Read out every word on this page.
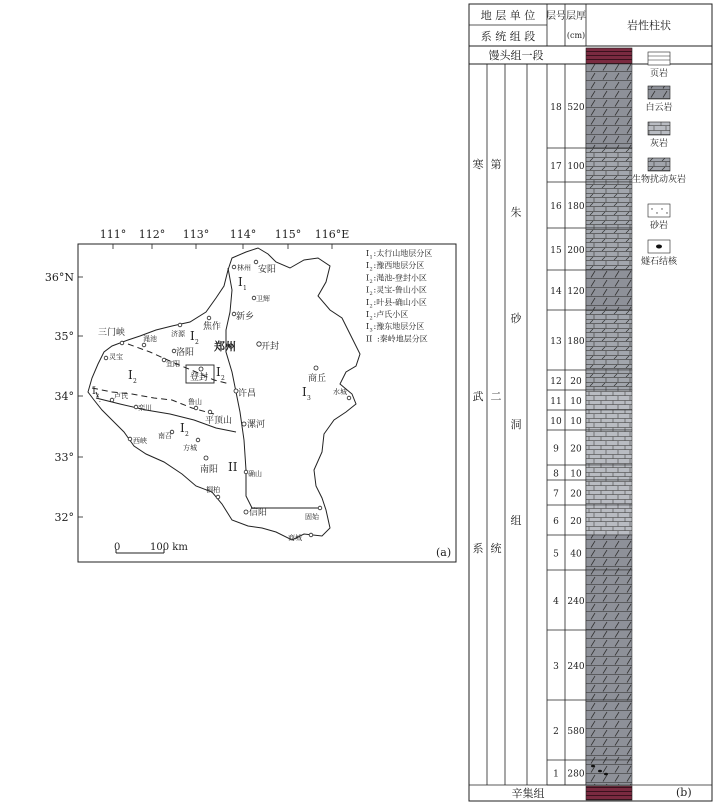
111° 112° 113° 114° 115° 116°E
36°N
35°
34°
33°
32°
林州 安阳
卫辉
济源
焦作
新乡
三门峡
渑池
洛阳
宜阳
郑州	开封
灵宝
登封	商丘
许昌
卢氏
栾川
鲁山
平顶山 漯河
水城
西峡
南召
方城
南阳	确山
桐柏
信阳	固始
商城
I 1
I 2
I 2
I 3
I 2
I 2
I 2
II
I 1 :太行山地层分区
I 2 :豫西地层分区
I 2 :渑池-登封小区
I 2 :灵宝-鲁山小区
I 2 :叶县-确山小区
I 2 :卢氏小区
I 3 :豫东地层分区
II :秦岭地层分区
0	100 km	(a)
地 层 单 位
系 统 组 段
层号 层厚
(cm)
岩性柱状
馒头组一段
寒
武
系
第
二
统
朱
砂
洞
组
18 520
17 100
16 180
15 200
14 120
13 180
12 20
11 10
10 10
9 20
8 10
7 20
6 20
5 40
4 240
3 240
2 580
1 280
辛集组
页岩
白云岩
灰岩
生物扰动灰岩
砂岩
燧石结核
(b)
